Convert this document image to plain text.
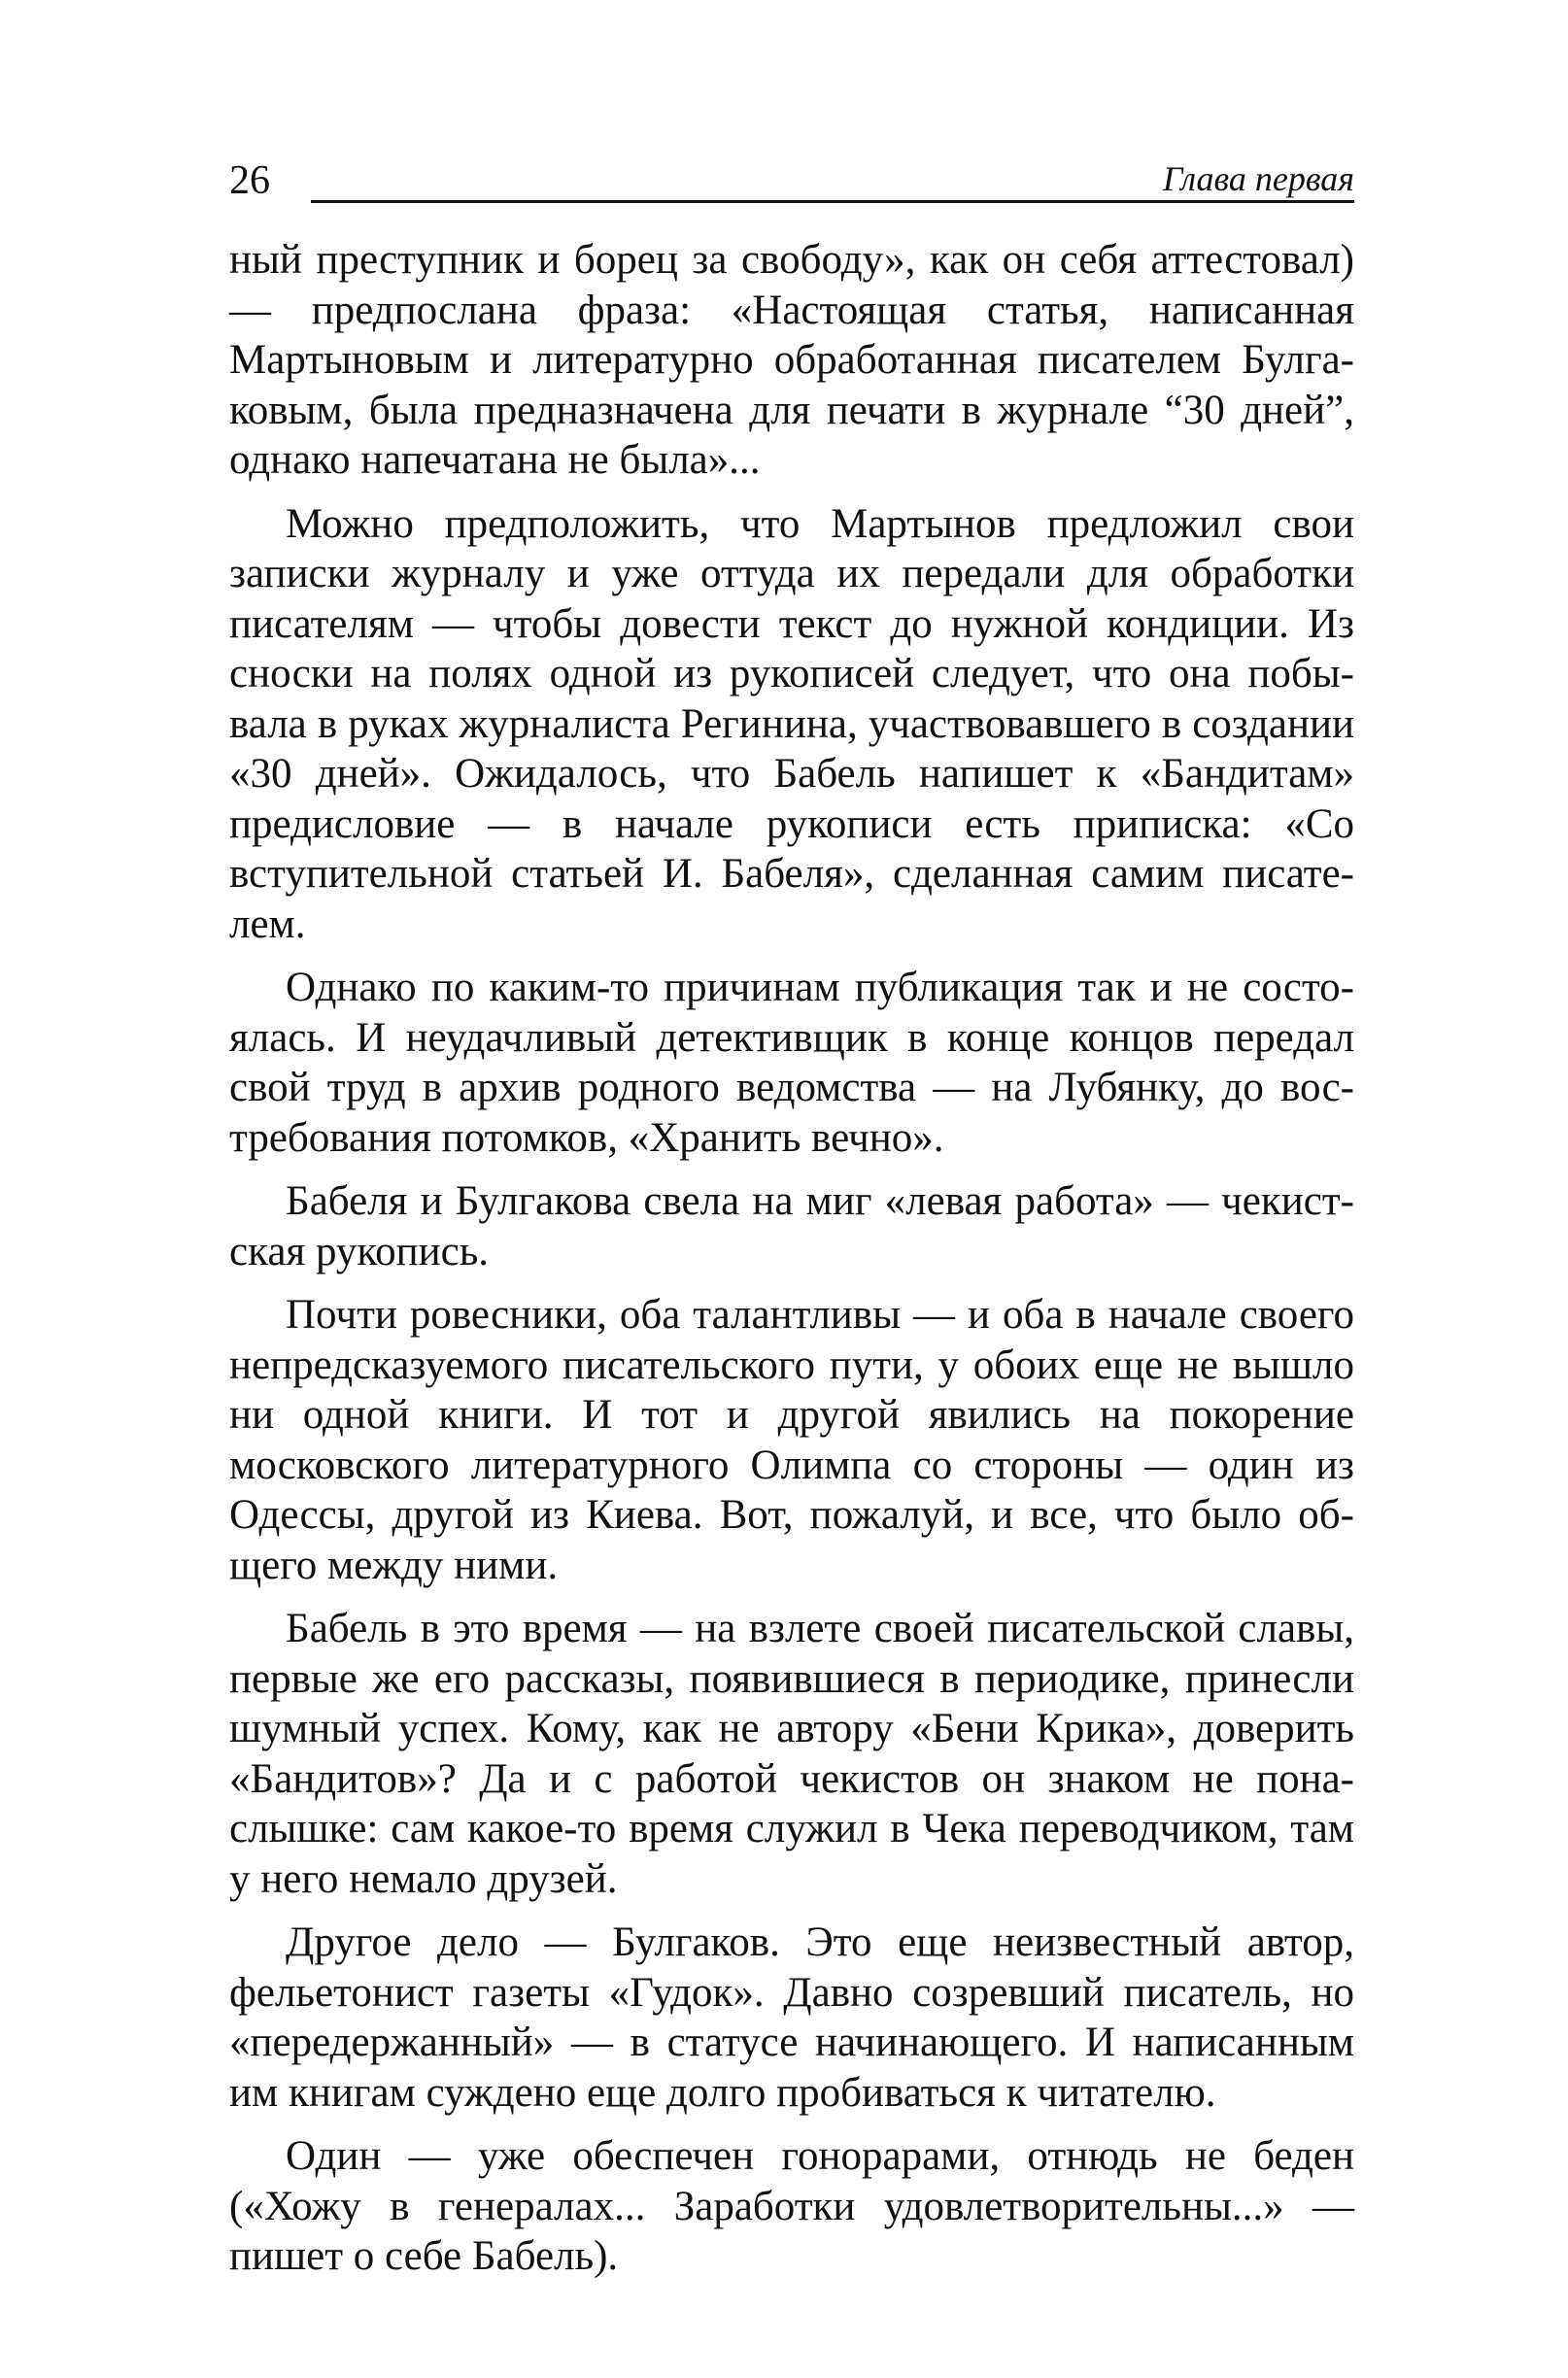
26	Глава первая

ный преступник и борец за свободу», как он себя аттестовал) — предпослана фраза: «Настоящая статья, написанная Мартыновым и литературно обработанная писателем Булгаковым, была предназначена для печати в журнале “30 дней”, однако напечатана не была»...

Можно предположить, что Мартынов предложил свои записки журналу и уже оттуда их передали для обработки писателям — чтобы довести текст до нужной кондиции. Из сноски на полях одной из рукописей следует, что она побывала в руках журналиста Регинина, участвовавшего в создании «30 дней». Ожидалось, что Бабель напишет к «Бандитам» предисловие — в начале рукописи есть приписка: «Со вступительной статьей И. Бабеля», сделанная самим писателем.

Однако по каким-то причинам публикация так и не состоялась. И неудачливый детективщик в конце концов передал свой труд в архив родного ведомства — на Лубянку, до востребования потомков, «Хранить вечно».

Бабеля и Булгакова свела на миг «левая работа» — чекистская рукопись.

Почти ровесники, оба талантливы — и оба в начале своего непредсказуемого писательского пути, у обоих еще не вышло ни одной книги. И тот и другой явились на покорение московского литературного Олимпа со стороны — один из Одессы, другой из Киева. Вот, пожалуй, и все, что было общего между ними.

Бабель в это время — на взлете своей писательской славы, первые же его рассказы, появившиеся в периодике, принесли шумный успех. Кому, как не автору «Бени Крика», доверить «Бандитов»? Да и с работой чекистов он знаком не понаслышке: сам какое-то время служил в Чека переводчиком, там у него немало друзей.

Другое дело — Булгаков. Это еще неизвестный автор, фельетонист газеты «Гудок». Давно созревший писатель, но «передержанный» — в статусе начинающего. И написанным им книгам суждено еще долго пробиваться к читателю.

Один — уже обеспечен гонорарами, отнюдь не беден («Хожу в генералах... Заработки удовлетворительны...» — пишет о себе Бабель).
